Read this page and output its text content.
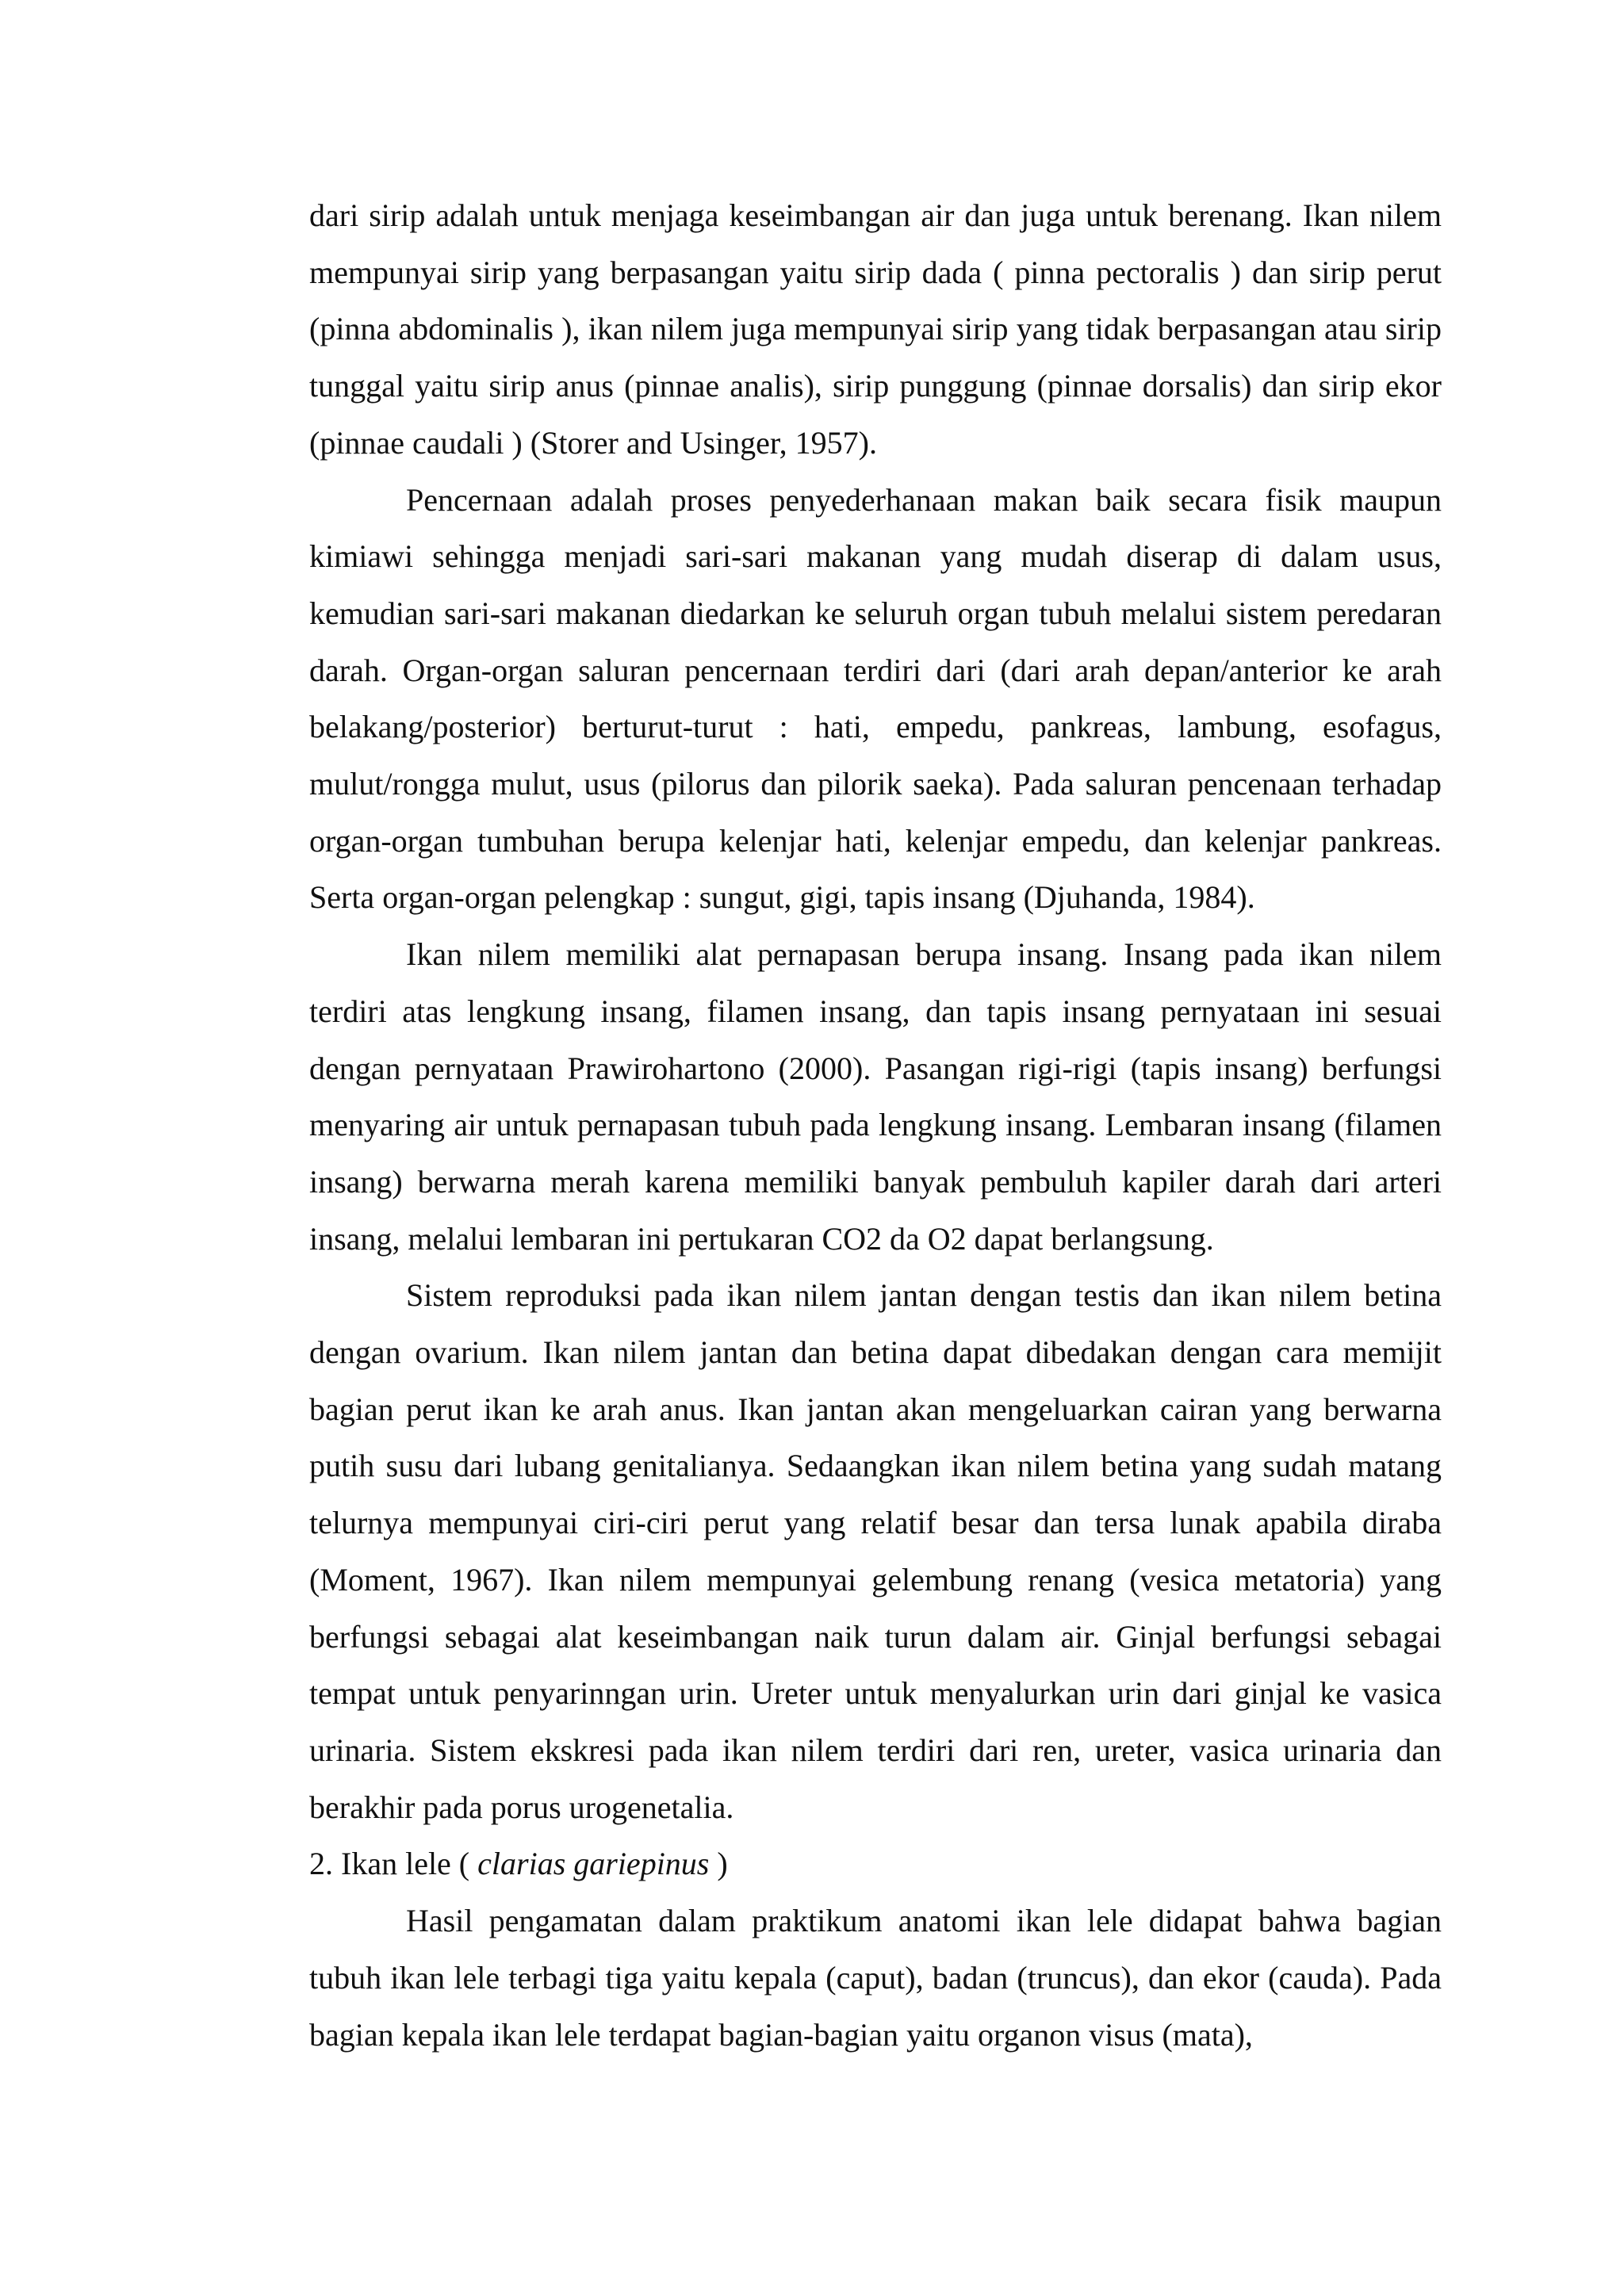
dari sirip adalah untuk menjaga keseimbangan air dan juga untuk berenang. Ikan nilem mempunyai sirip yang berpasangan yaitu sirip dada ( pinna pectoralis ) dan sirip perut (pinna abdominalis ), ikan nilem juga mempunyai sirip yang tidak berpasangan atau sirip tunggal yaitu sirip anus (pinnae analis), sirip punggung (pinnae dorsalis) dan sirip ekor (pinnae caudali ) (Storer and Usinger, 1957).

Pencernaan adalah proses penyederhanaan makan baik secara fisik maupun kimiawi sehingga menjadi sari-sari makanan yang mudah diserap di dalam usus, kemudian sari-sari makanan diedarkan ke seluruh organ tubuh melalui sistem peredaran darah. Organ-organ saluran pencernaan terdiri dari (dari arah depan/anterior ke arah belakang/posterior) berturut-turut : hati, empedu, pankreas, lambung, esofagus, mulut/rongga mulut, usus (pilorus dan pilorik saeka). Pada saluran pencenaan terhadap organ-organ tumbuhan berupa kelenjar hati, kelenjar empedu, dan kelenjar pankreas. Serta organ-organ pelengkap : sungut, gigi, tapis insang (Djuhanda, 1984).

Ikan nilem memiliki alat pernapasan berupa insang. Insang pada ikan nilem terdiri atas lengkung insang, filamen insang, dan tapis insang pernyataan ini sesuai dengan pernyataan Prawirohartono (2000). Pasangan rigi-rigi (tapis insang) berfungsi menyaring air untuk pernapasan tubuh pada lengkung insang. Lembaran insang (filamen insang) berwarna merah karena memiliki banyak pembuluh kapiler darah dari arteri insang, melalui lembaran ini pertukaran CO2 da O2 dapat berlangsung.

Sistem reproduksi pada ikan nilem jantan dengan testis dan ikan nilem betina dengan ovarium. Ikan nilem jantan dan betina dapat dibedakan dengan cara memijit bagian perut ikan ke arah anus. Ikan jantan akan mengeluarkan cairan yang berwarna putih susu dari lubang genitalianya. Sedaangkan ikan nilem betina yang sudah matang telurnya mempunyai ciri-ciri perut yang relatif besar dan tersa lunak apabila diraba (Moment, 1967). Ikan nilem mempunyai gelembung renang (vesica metatoria) yang berfungsi sebagai alat keseimbangan naik turun dalam air. Ginjal berfungsi sebagai tempat untuk penyarinngan urin. Ureter untuk menyalurkan urin dari ginjal ke vasica urinaria. Sistem ekskresi pada ikan nilem terdiri dari ren, ureter, vasica urinaria dan berakhir pada porus urogenetalia.

2. Ikan lele ( clarias gariepinus )

Hasil pengamatan dalam praktikum anatomi ikan lele didapat bahwa bagian tubuh ikan lele terbagi tiga yaitu kepala (caput), badan (truncus), dan ekor (cauda). Pada bagian kepala ikan lele terdapat bagian-bagian yaitu organon visus (mata),
